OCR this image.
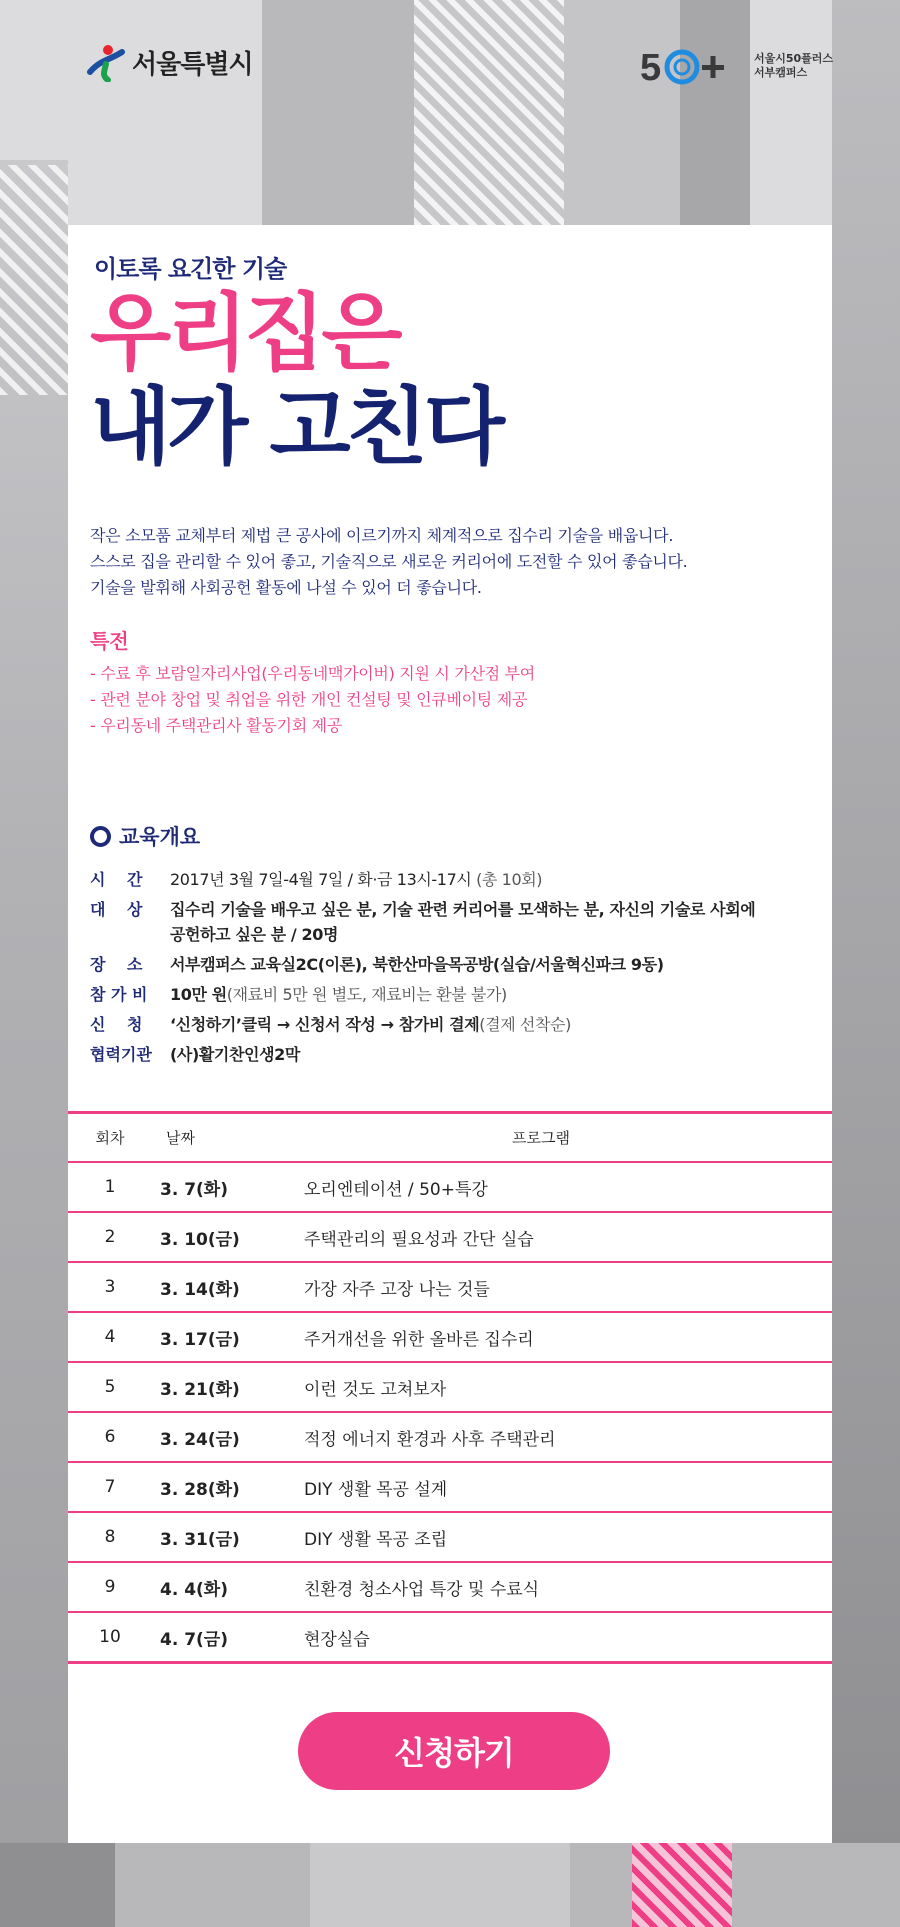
서울특별시	5	서울시50플러스
서부캠퍼스
이토록 요긴한 기술
우리집은
내가 고친다
작은 소모품 교체부터 제법 큰 공사에 이르기까지 체계적으로 집수리 기술을 배웁니다.
스스로 집을 관리할 수 있어 좋고, 기술직으로 새로운 커리어에 도전할 수 있어 좋습니다.
기술을 발휘해 사회공헌 활동에 나설 수 있어 더 좋습니다.
특전
- 수료 후 보람일자리사업(우리동네맥가이버) 지원 시 가산점 부여
- 관련 분야 창업 및 취업을 위한 개인 컨설팅 및 인큐베이팅 제공
- 우리동네 주택관리사 활동기회 제공
교육개요
시　 간	2017년 3월 7일-4월 7일 / 화·금 13시-17시 (총 10회)
대　 상	집수리 기술을 배우고 싶은 분, 기술 관련 커리어를 모색하는 분, 자신의 기술로 사회에
공헌하고 싶은 분 / 20명
장　 소	서부캠퍼스 교육실2C(이론), 북한산마을목공방(실습/서울혁신파크 9동)
참 가 비	10만 원(재료비 5만 원 별도, 재료비는 환불 불가)
신　 청	‘신청하기’클릭 → 신청서 작성 → 참가비 결제(결제 선착순)
협력기관	(사)활기찬인생2막
회차	날짜	프로그램
1	3. 7(화)	오리엔테이션 / 50+특강
2	3. 10(금)	주택관리의 필요성과 간단 실습
3	3. 14(화)	가장 자주 고장 나는 것들
4	3. 17(금)	주거개선을 위한 올바른 집수리
5	3. 21(화)	이런 것도 고쳐보자
6	3. 24(금)	적정 에너지 환경과 사후 주택관리
7	3. 28(화)	DIY 생활 목공 설계
8	3. 31(금)	DIY 생활 목공 조립
9	4. 4(화)	친환경 청소사업 특강 및 수료식
10	4. 7(금)	현장실습
신청하기
